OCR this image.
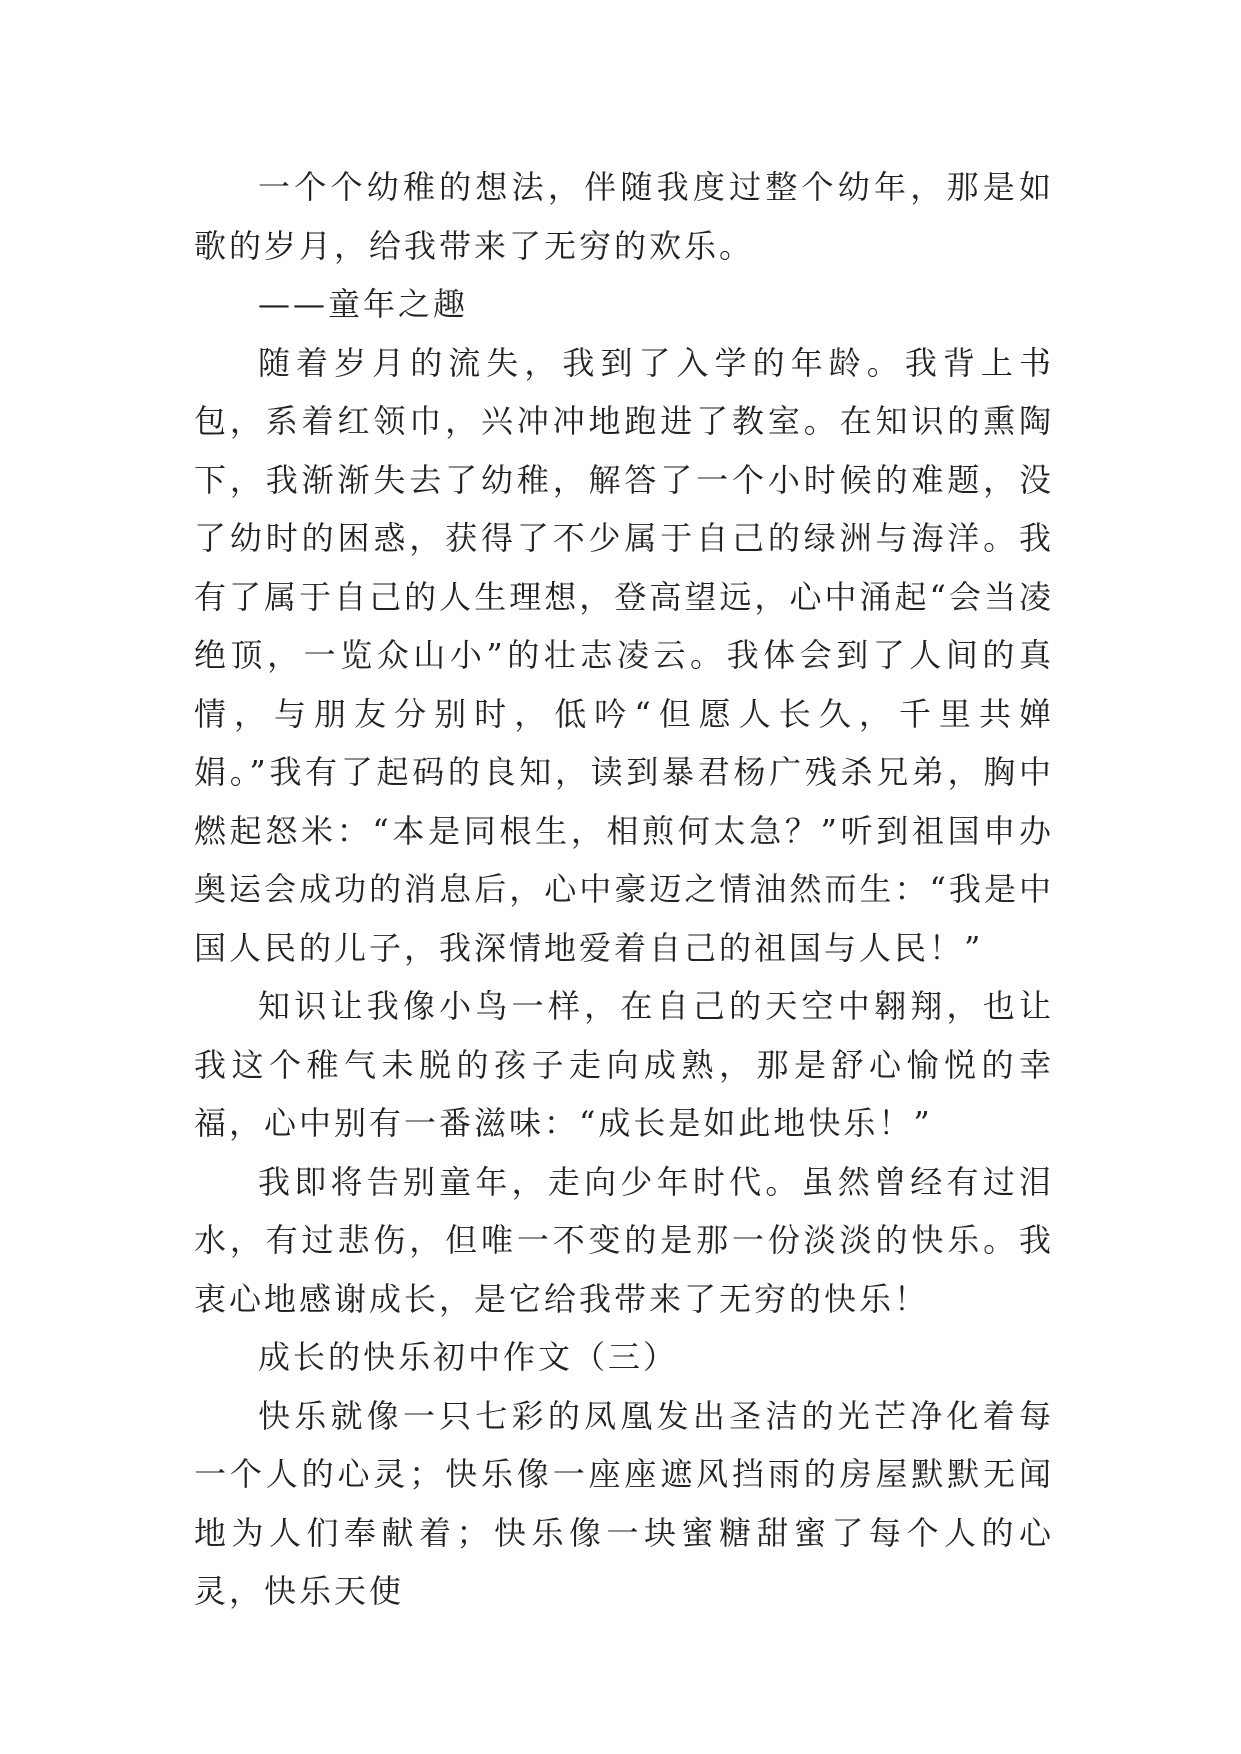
一个个幼稚的想法，伴随我度过整个幼年，那是如歌的岁月，给我带来了无穷的欢乐。

——童年之趣

随着岁月的流失，我到了入学的年龄。我背上书包，系着红领巾，兴冲冲地跑进了教室。在知识的熏陶下，我渐渐失去了幼稚，解答了一个小时候的难题，没了幼时的困惑，获得了不少属于自己的绿洲与海洋。我有了属于自己的人生理想，登高望远，心中涌起“会当凌绝顶，一览众山小”的壮志凌云。我体会到了人间的真情，与朋友分别时，低吟“但愿人长久，千里共婵娟。”我有了起码的良知，读到暴君杨广残杀兄弟，胸中燃起怒米：“本是同根生，相煎何太急？”听到祖国申办奥运会成功的消息后，心中豪迈之情油然而生：“我是中国人民的儿子，我深情地爱着自己的祖国与人民！”

知识让我像小鸟一样，在自己的天空中翱翔，也让我这个稚气未脱的孩子走向成熟，那是舒心愉悦的幸福，心中别有一番滋味：“成长是如此地快乐！”

我即将告别童年，走向少年时代。虽然曾经有过泪水，有过悲伤，但唯一不变的是那一份淡淡的快乐。我衷心地感谢成长，是它给我带来了无穷的快乐！

成长的快乐初中作文（三）

快乐就像一只七彩的凤凰发出圣洁的光芒净化着每一个人的心灵；快乐像一座座遮风挡雨的房屋默默无闻地为人们奉献着；快乐像一块蜜糖甜蜜了每个人的心灵，快乐天使
